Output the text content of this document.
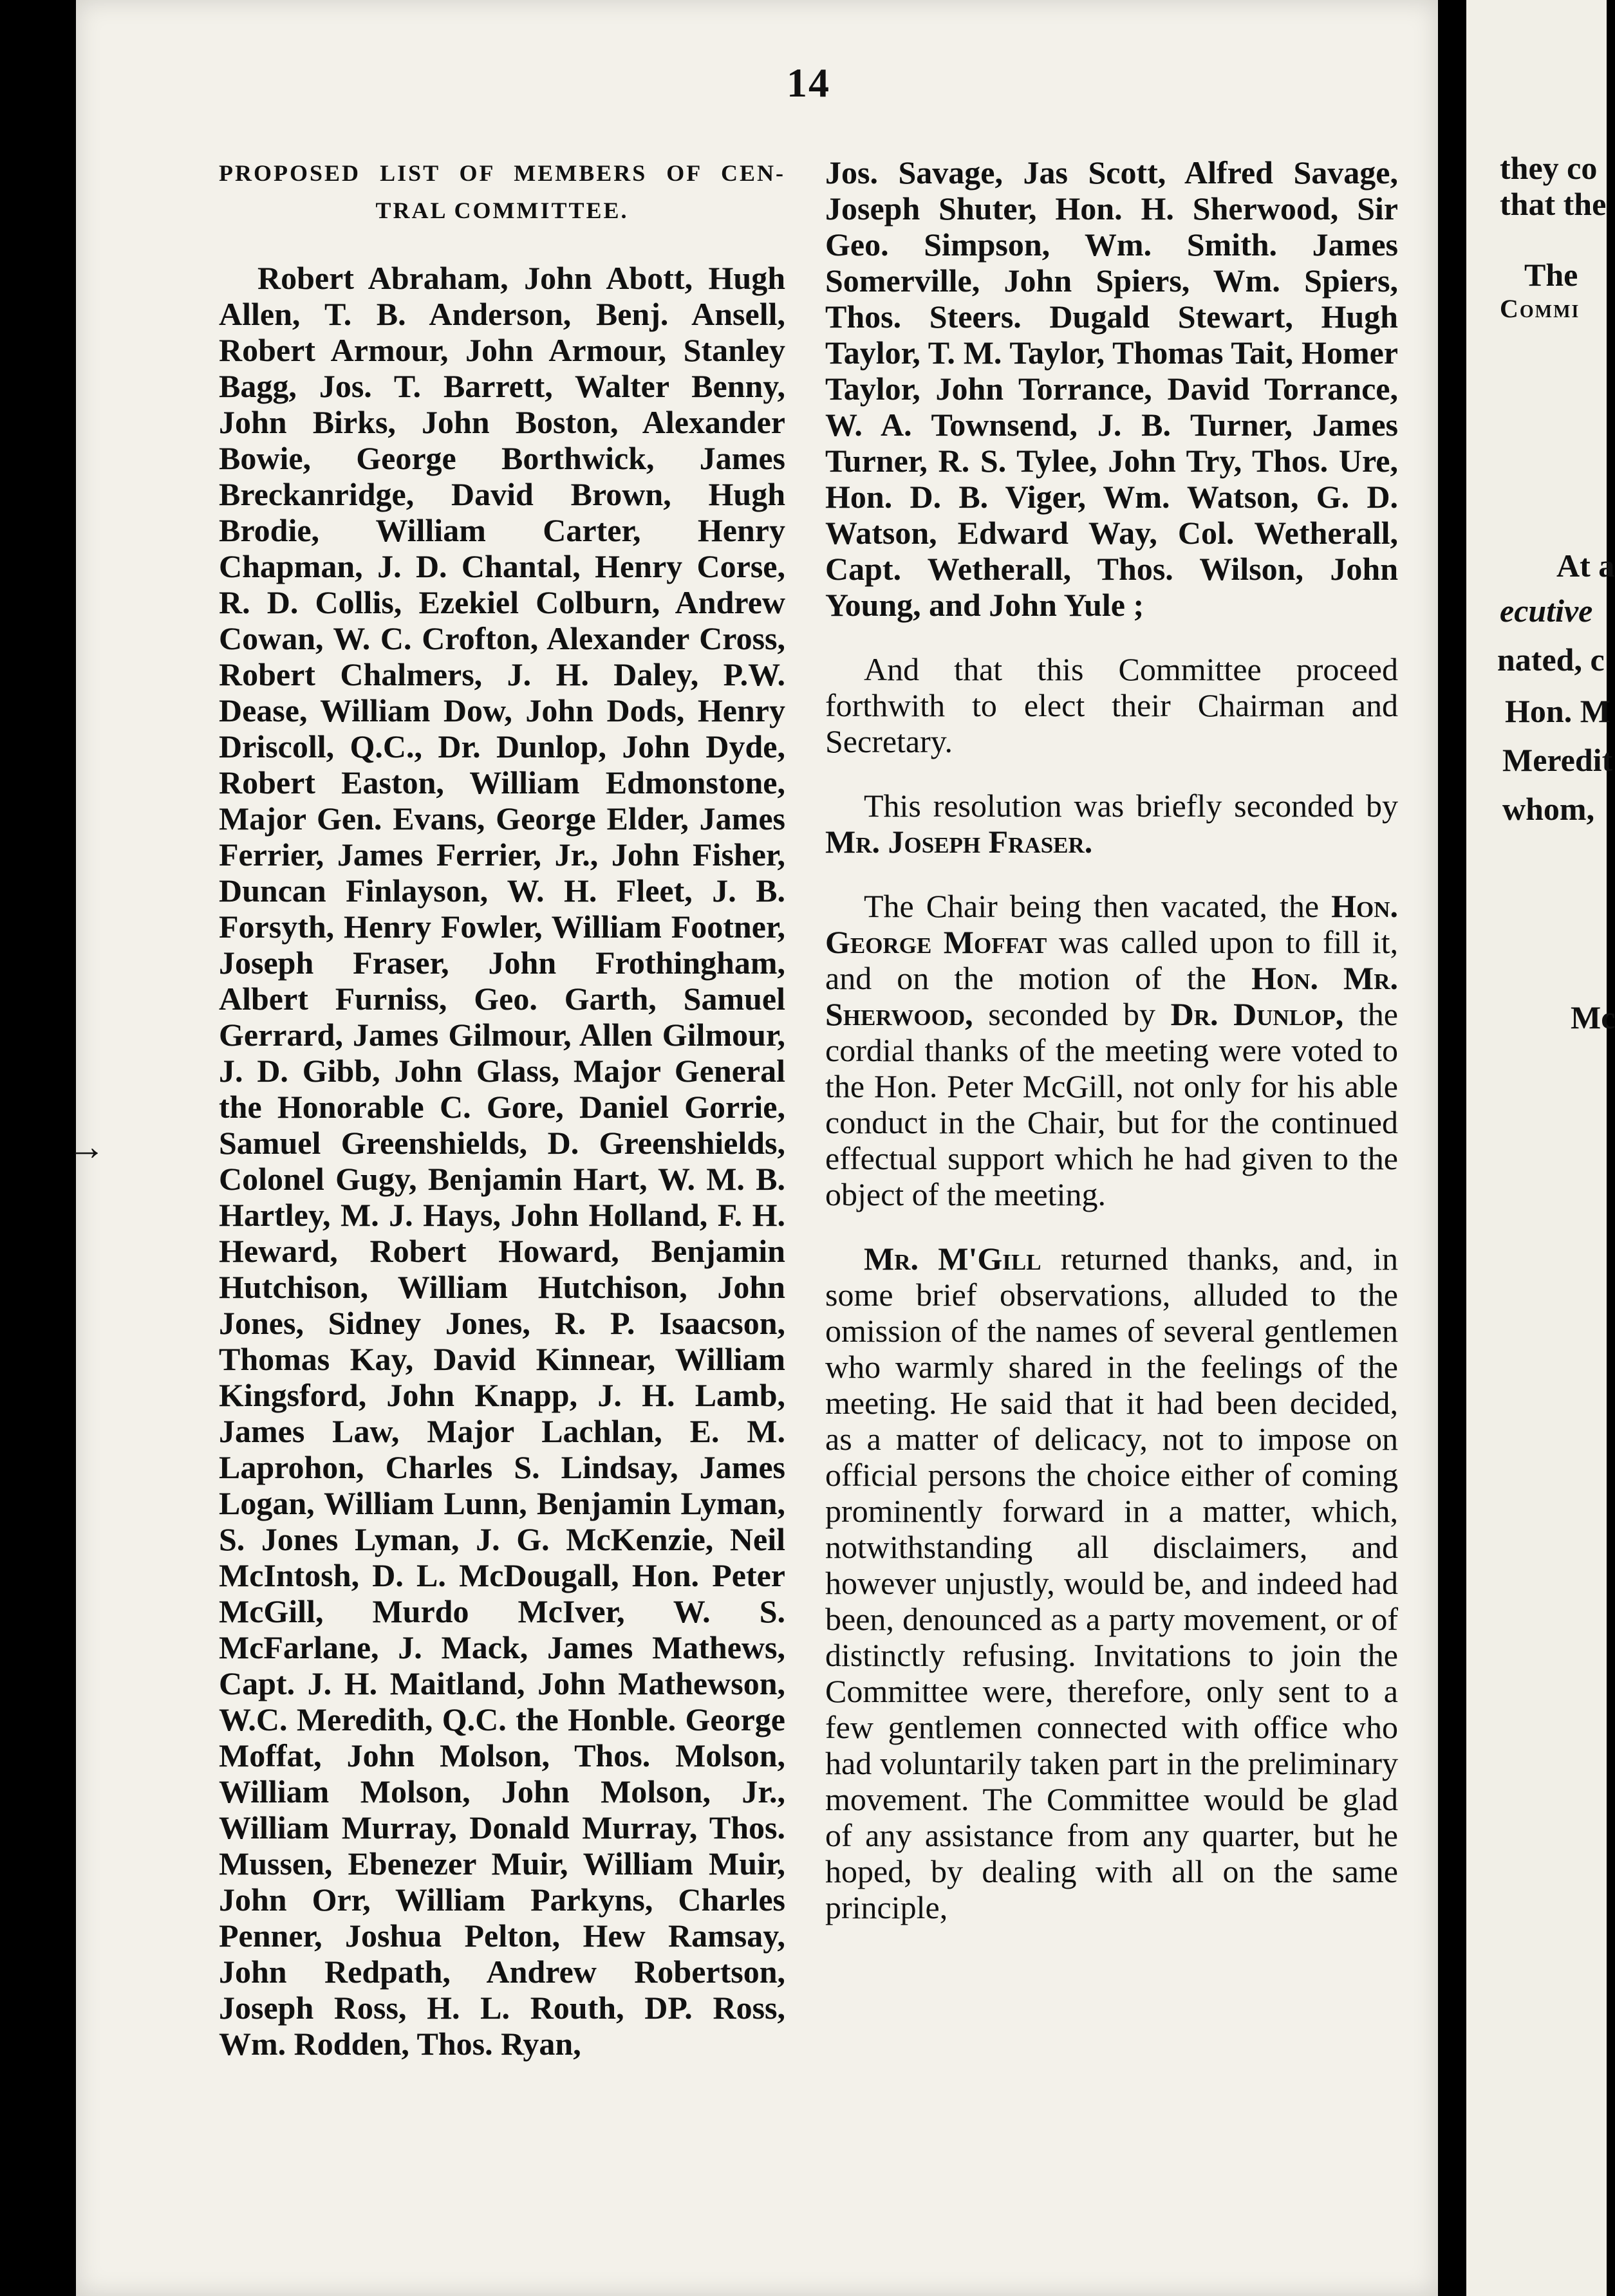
they co
that the
The
Commi
At a
ecutive
nated, c
Hon. M
Meredit
whom,
Mc
14
→

PROPOSED LIST OF MEMBERS OF CEN-

TRAL COMMITTEE.

Robert Abraham, John Abott, Hugh Allen, T. B. Anderson, Benj. Ansell, Robert Armour, John Armour, Stanley Bagg, Jos. T. Barrett, Walter Benny, John Birks, John Boston, Alexander Bowie, George Borthwick, James Breckanridge, David Brown, Hugh Brodie, William Carter, Henry Chapman, J. D. Chantal, Henry Corse, R. D. Collis, Ezekiel Colburn, Andrew Cowan, W. C. Crofton, Alexander Cross, Robert Chalmers, J. H. Daley, P.W. Dease, William Dow, John Dods, Henry Driscoll, Q.C., Dr. Dunlop, John Dyde, Robert Easton, William Edmonstone, Major Gen. Evans, George Elder, James Ferrier, James Ferrier, Jr., John Fisher, Duncan Finlayson, W. H. Fleet, J. B. Forsyth, Henry Fowler, William Footner, Joseph Fraser, John Frothingham, Albert Furniss, Geo. Garth, Samuel Gerrard, James Gilmour, Allen Gilmour, J. D. Gibb, John Glass, Major General the Honorable C. Gore, Daniel Gorrie, Samuel Greenshields, D. Greenshields, Colonel Gugy, Benjamin Hart, W. M. B. Hartley, M. J. Hays, John Holland, F. H. Heward, Robert Howard, Benjamin Hutchison, William Hutchison, John Jones, Sidney Jones, R. P. Isaacson, Thomas Kay, David Kinnear, William Kingsford, John Knapp, J. H. Lamb, James Law, Major Lachlan, E. M. Laprohon, Charles S. Lindsay, James Logan, William Lunn, Benjamin Lyman, S. Jones Lyman, J. G. McKenzie, Neil McIntosh, D. L. McDougall, Hon. Peter McGill, Murdo McIver, W. S. McFarlane, J. Mack, James Mathews, Capt. J. H. Maitland, John Mathewson, W.C. Meredith, Q.C. the Honble. George Moffat, John Molson, Thos. Molson, William Molson, John Molson, Jr., William Murray, Donald Murray, Thos. Mussen, Ebenezer Muir, William Muir, John Orr, William Parkyns, Charles Penner, Joshua Pelton, Hew Ramsay, John Redpath, Andrew Robertson, Joseph Ross, H. L. Routh, DP. Ross, Wm. Rodden, Thos. Ryan,

Jos. Savage, Jas Scott, Alfred Savage, Joseph Shuter, Hon. H. Sherwood, Sir Geo. Simpson, Wm. Smith. James Somerville, John Spiers, Wm. Spiers, Thos. Steers. Dugald Stewart, Hugh Taylor, T. M. Taylor, Thomas Tait, Homer Taylor, John Torrance, David Torrance, W. A. Townsend, J. B. Turner, James Turner, R. S. Tylee, John Try, Thos. Ure, Hon. D. B. Viger, Wm. Watson, G. D. Watson, Edward Way, Col. Wetherall, Capt. Wetherall, Thos. Wilson, John Young, and John Yule ;

And that this Committee proceed forthwith to elect their Chairman and Secretary.

This resolution was briefly seconded by Mr. Joseph Fraser.

The Chair being then vacated, the Hon. George Moffat was called upon to fill it, and on the motion of the Hon. Mr. Sherwood, seconded by Dr. Dunlop, the cordial thanks of the meeting were voted to the Hon. Peter McGill, not only for his able conduct in the Chair, but for the continued effectual support which he had given to the object of the meeting.

Mr. M'Gill returned thanks, and, in some brief observations, alluded to the omission of the names of several gentlemen who warmly shared in the feelings of the meeting. He said that it had been decided, as a matter of delicacy, not to impose on official persons the choice either of coming prominently forward in a matter, which, notwithstanding all disclaimers, and however unjustly, would be, and indeed had been, denounced as a party movement, or of distinctly refusing. Invitations to join the Committee were, therefore, only sent to a few gentlemen connected with office who had voluntarily taken part in the preliminary movement. The Committee would be glad of any assistance from any quarter, but he hoped, by dealing with all on the same principle,
